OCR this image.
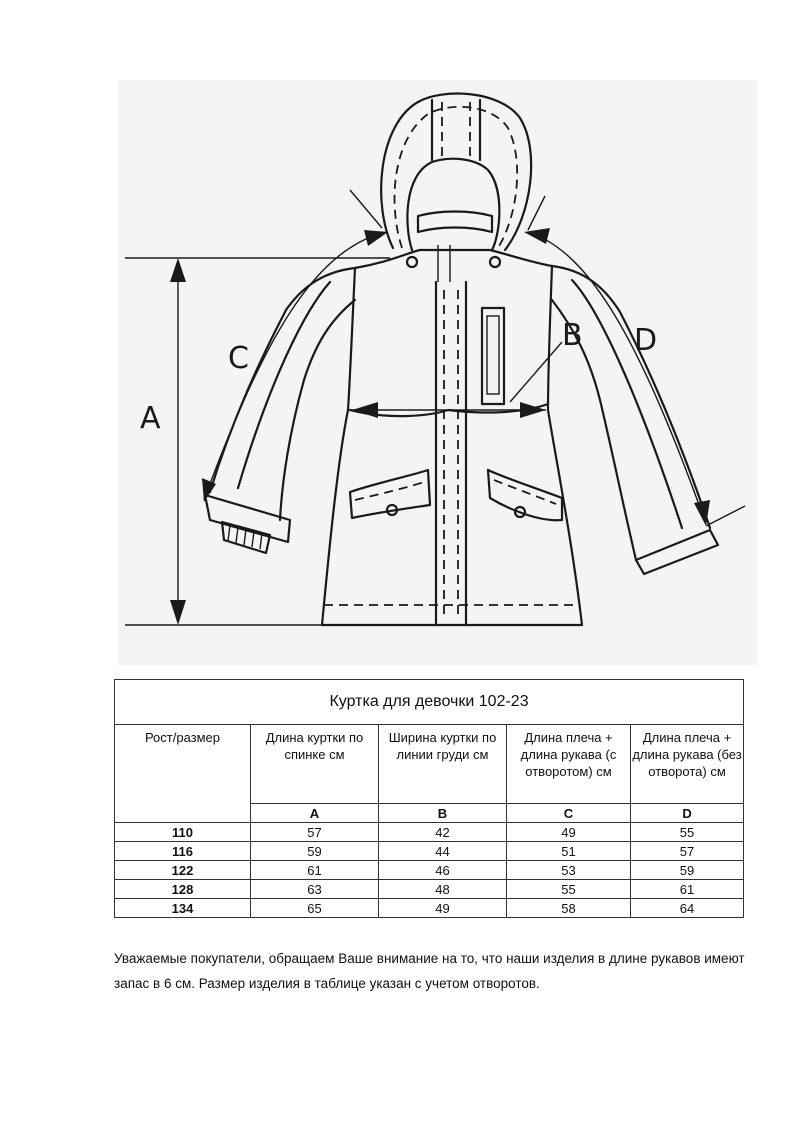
A
B
C
D
Куртка для девочки 102-23				
Рост/размер	Длина куртки по спинке см	Ширина куртки по линии груди см	Длина плеча + длина рукава (с отворотом) см	Длина плеча + длина рукава (без отворота) см
	A	B	C	D
110	57	42	49	55
116	59	44	51	57
122	61	46	53	59
128	63	48	55	61
134	65	49	58	64
Уважаемые покупатели, обращаем Ваше внимание на то, что наши изделия в длине рукавов имеют запас в 6 см. Размер изделия в таблице указан с учетом отворотов.
